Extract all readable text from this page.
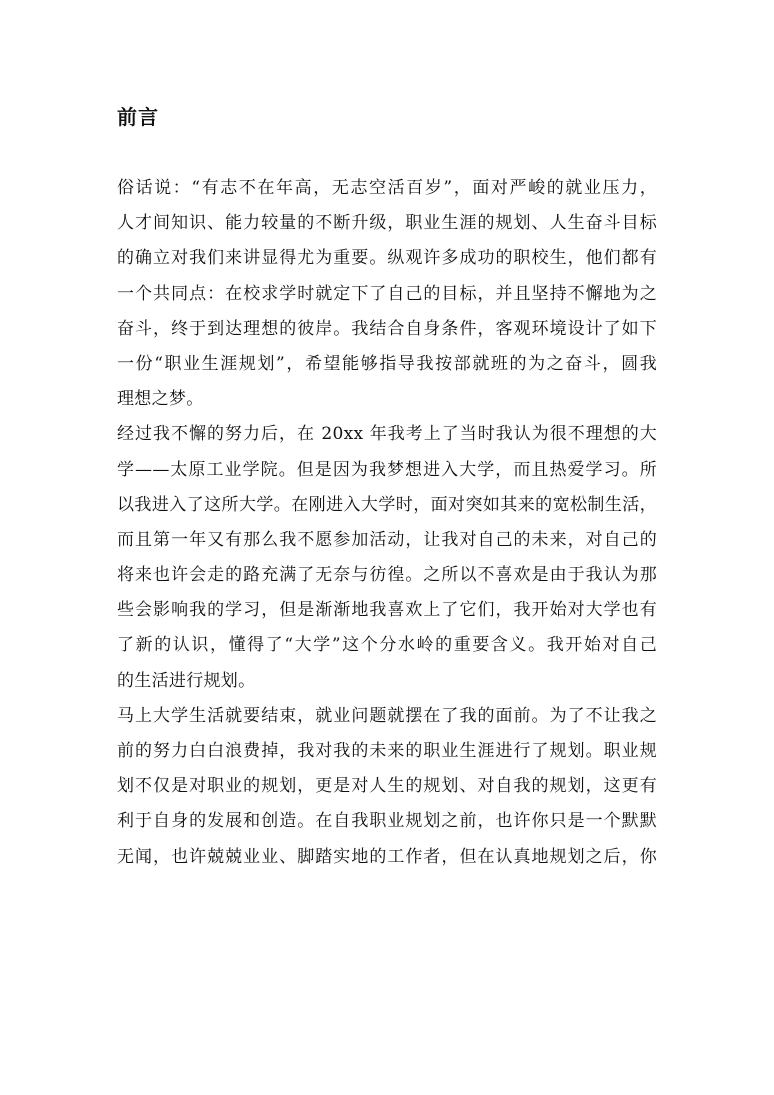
前言
俗话说：“有志不在年高，无志空活百岁”，面对严峻的就业压力，
人才间知识、能力较量的不断升级，职业生涯的规划、人生奋斗目标
的确立对我们来讲显得尤为重要。纵观许多成功的职校生，他们都有
一个共同点：在校求学时就定下了自己的目标，并且坚持不懈地为之
奋斗，终于到达理想的彼岸。我结合自身条件，客观环境设计了如下
一份“职业生涯规划”，希望能够指导我按部就班的为之奋斗，圆我
理想之梦。
经过我不懈的努力后，在 20xx 年我考上了当时我认为很不理想的大
学——太原工业学院。但是因为我梦想进入大学，而且热爱学习。所
以我进入了这所大学。在刚进入大学时，面对突如其来的宽松制生活，
而且第一年又有那么我不愿参加活动，让我对自己的未来，对自己的
将来也许会走的路充满了无奈与彷徨。之所以不喜欢是由于我认为那
些会影响我的学习，但是渐渐地我喜欢上了它们，我开始对大学也有
了新的认识，懂得了“大学”这个分水岭的重要含义。我开始对自己
的生活进行规划。
马上大学生活就要结束，就业问题就摆在了我的面前。为了不让我之
前的努力白白浪费掉，我对我的未来的职业生涯进行了规划。职业规
划不仅是对职业的规划，更是对人生的规划、对自我的规划，这更有
利于自身的发展和创造。在自我职业规划之前，也许你只是一个默默
无闻，也许兢兢业业、脚踏实地的工作者，但在认真地规划之后，你
